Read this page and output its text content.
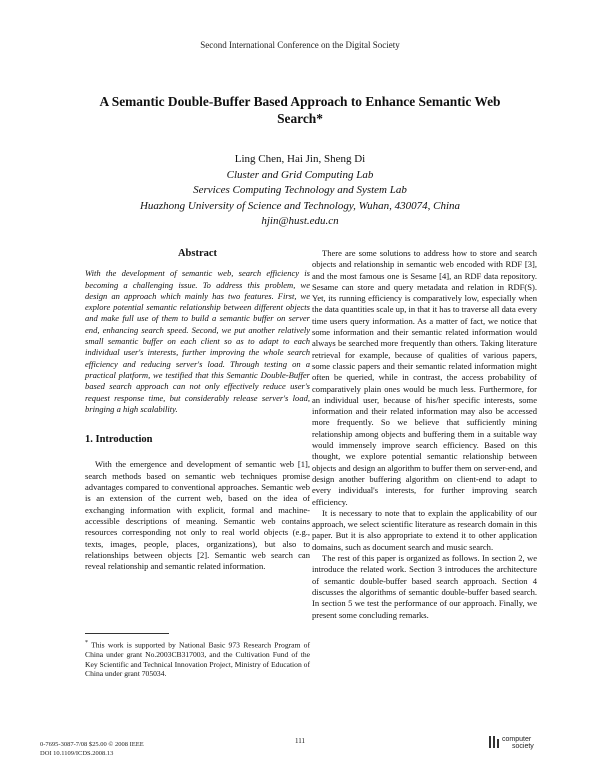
Second International Conference on the Digital Society
A Semantic Double-Buffer Based Approach to Enhance Semantic Web Search*
Ling Chen, Hai Jin, Sheng Di
Cluster and Grid Computing Lab
Services Computing Technology and System Lab
Huazhong University of Science and Technology, Wuhan, 430074, China
hjin@hust.edu.cn
Abstract

With the development of semantic web, search efficiency is becoming a challenging issue. To address this problem, we design an approach which mainly has two features. First, we explore potential semantic relationship between different objects and make full use of them to build a semantic buffer on server end, enhancing search speed. Second, we put another relatively small semantic buffer on each client so as to adapt to each individual user's interests, further improving the whole search efficiency and reducing server's load. Through testing on a practical platform, we testified that this Semantic Double-Buffer based search approach can not only effectively reduce user's request response time, but considerably release server's load, bringing a high scalability.

1. Introduction

With the emergence and development of semantic web [1], search methods based on semantic web techniques promise advantages compared to conventional approaches. Semantic web is an extension of the current web, based on the idea of exchanging information with explicit, formal and machine-accessible descriptions of meaning. Semantic web contains resources corresponding not only to real world objects (e.g., texts, images, people, places, organizations), but also to relationships between objects [2]. Semantic web search can reveal relationship and semantic related information.

* This work is supported by National Basic 973 Research Program of China under grant No.2003CB317003, and the Cultivation Fund of the Key Scientific and Technical Innovation Project, Ministry of Education of China under grant 705034.

There are some solutions to address how to store and search objects and relationship in semantic web encoded with RDF [3], and the most famous one is Sesame [4], an RDF data repository. Sesame can store and query metadata and relation in RDF(S). Yet, its running efficiency is comparatively low, especially when the data quantities scale up, in that it has to traverse all data every time users query information. As a matter of fact, we notice that some information and their semantic related information would always be searched more frequently than others. Taking literature retrieval for example, because of qualities of various papers, some classic papers and their semantic related information might often be queried, while in contrast, the access probability of comparatively plain ones would be much less. Furthermore, for an individual user, because of his/her specific interests, some information and their related information may also be accessed more frequently. So we believe that sufficiently mining relationship among objects and buffering them in a suitable way would immensely improve search efficiency. Based on this thought, we explore potential semantic relationship between objects and design an algorithm to buffer them on server-end, and design another buffering algorithm on client-end to adapt to every individual's interests, for further improving search efficiency.

It is necessary to note that to explain the applicability of our approach, we select scientific literature as research domain in this paper. But it is also appropriate to extend it to other application domains, such as document search and music search.

The rest of this paper is organized as follows. In section 2, we introduce the related work. Section 3 introduces the architecture of semantic double-buffer based search approach. Section 4 discusses the algorithms of semantic double-buffer based search. In section 5 we test the performance of our approach. Finally, we present some concluding remarks.

0-7695-3087-7/08 $25.00 © 2008 IEEE
DOI 10.1109/ICDS.2008.13
111	computer
society
